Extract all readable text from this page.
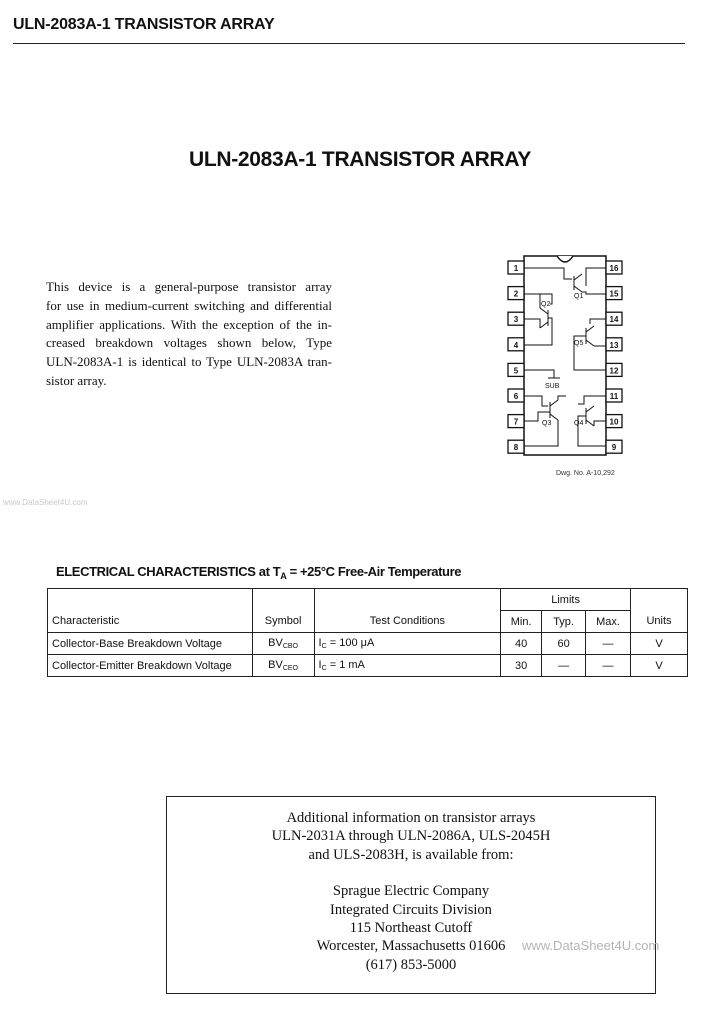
ULN-2083A-1 TRANSISTOR ARRAY
ULN-2083A-1 TRANSISTOR ARRAY
This device is a general-purpose transistor array
for use in medium-current switching and differential
amplifier applications. With the exception of the in-
creased breakdown voltages shown below, Type
ULN-2083A-1 is identical to Type ULN-2083A tran-
sistor array.
1
2
3
4
5
6
7
8
16
15
14
13
12
11
10
9
Q1
Q2
Q5
SUB
Q3	Q4
Dwg. No. A-10,292
www.DataSheet4U.com
ELECTRICAL CHARACTERISTICS at $T_A = +25^\circ C$ Free-Air Temperature
			Limits			
Characteristic	Symbol	Test Conditions	Min.	Typ.	Max.	Units
Collector-Base Breakdown Voltage	$BV_{CBO}$	$I_C = 100$ μA	40	60	—	V
Collector-Emitter Breakdown Voltage	$BV_{CEO}$	$I_C = 1$ mA	30	—	—	V
Additional information on transistor arrays
ULN-2031A through ULN-2086A, ULS-2045H
and ULS-2083H, is available from:
Sprague Electric Company
Integrated Circuits Division
115 Northeast Cutoff
Worcester, Massachusetts 01606
(617) 853-5000
www.DataSheet4U.com
